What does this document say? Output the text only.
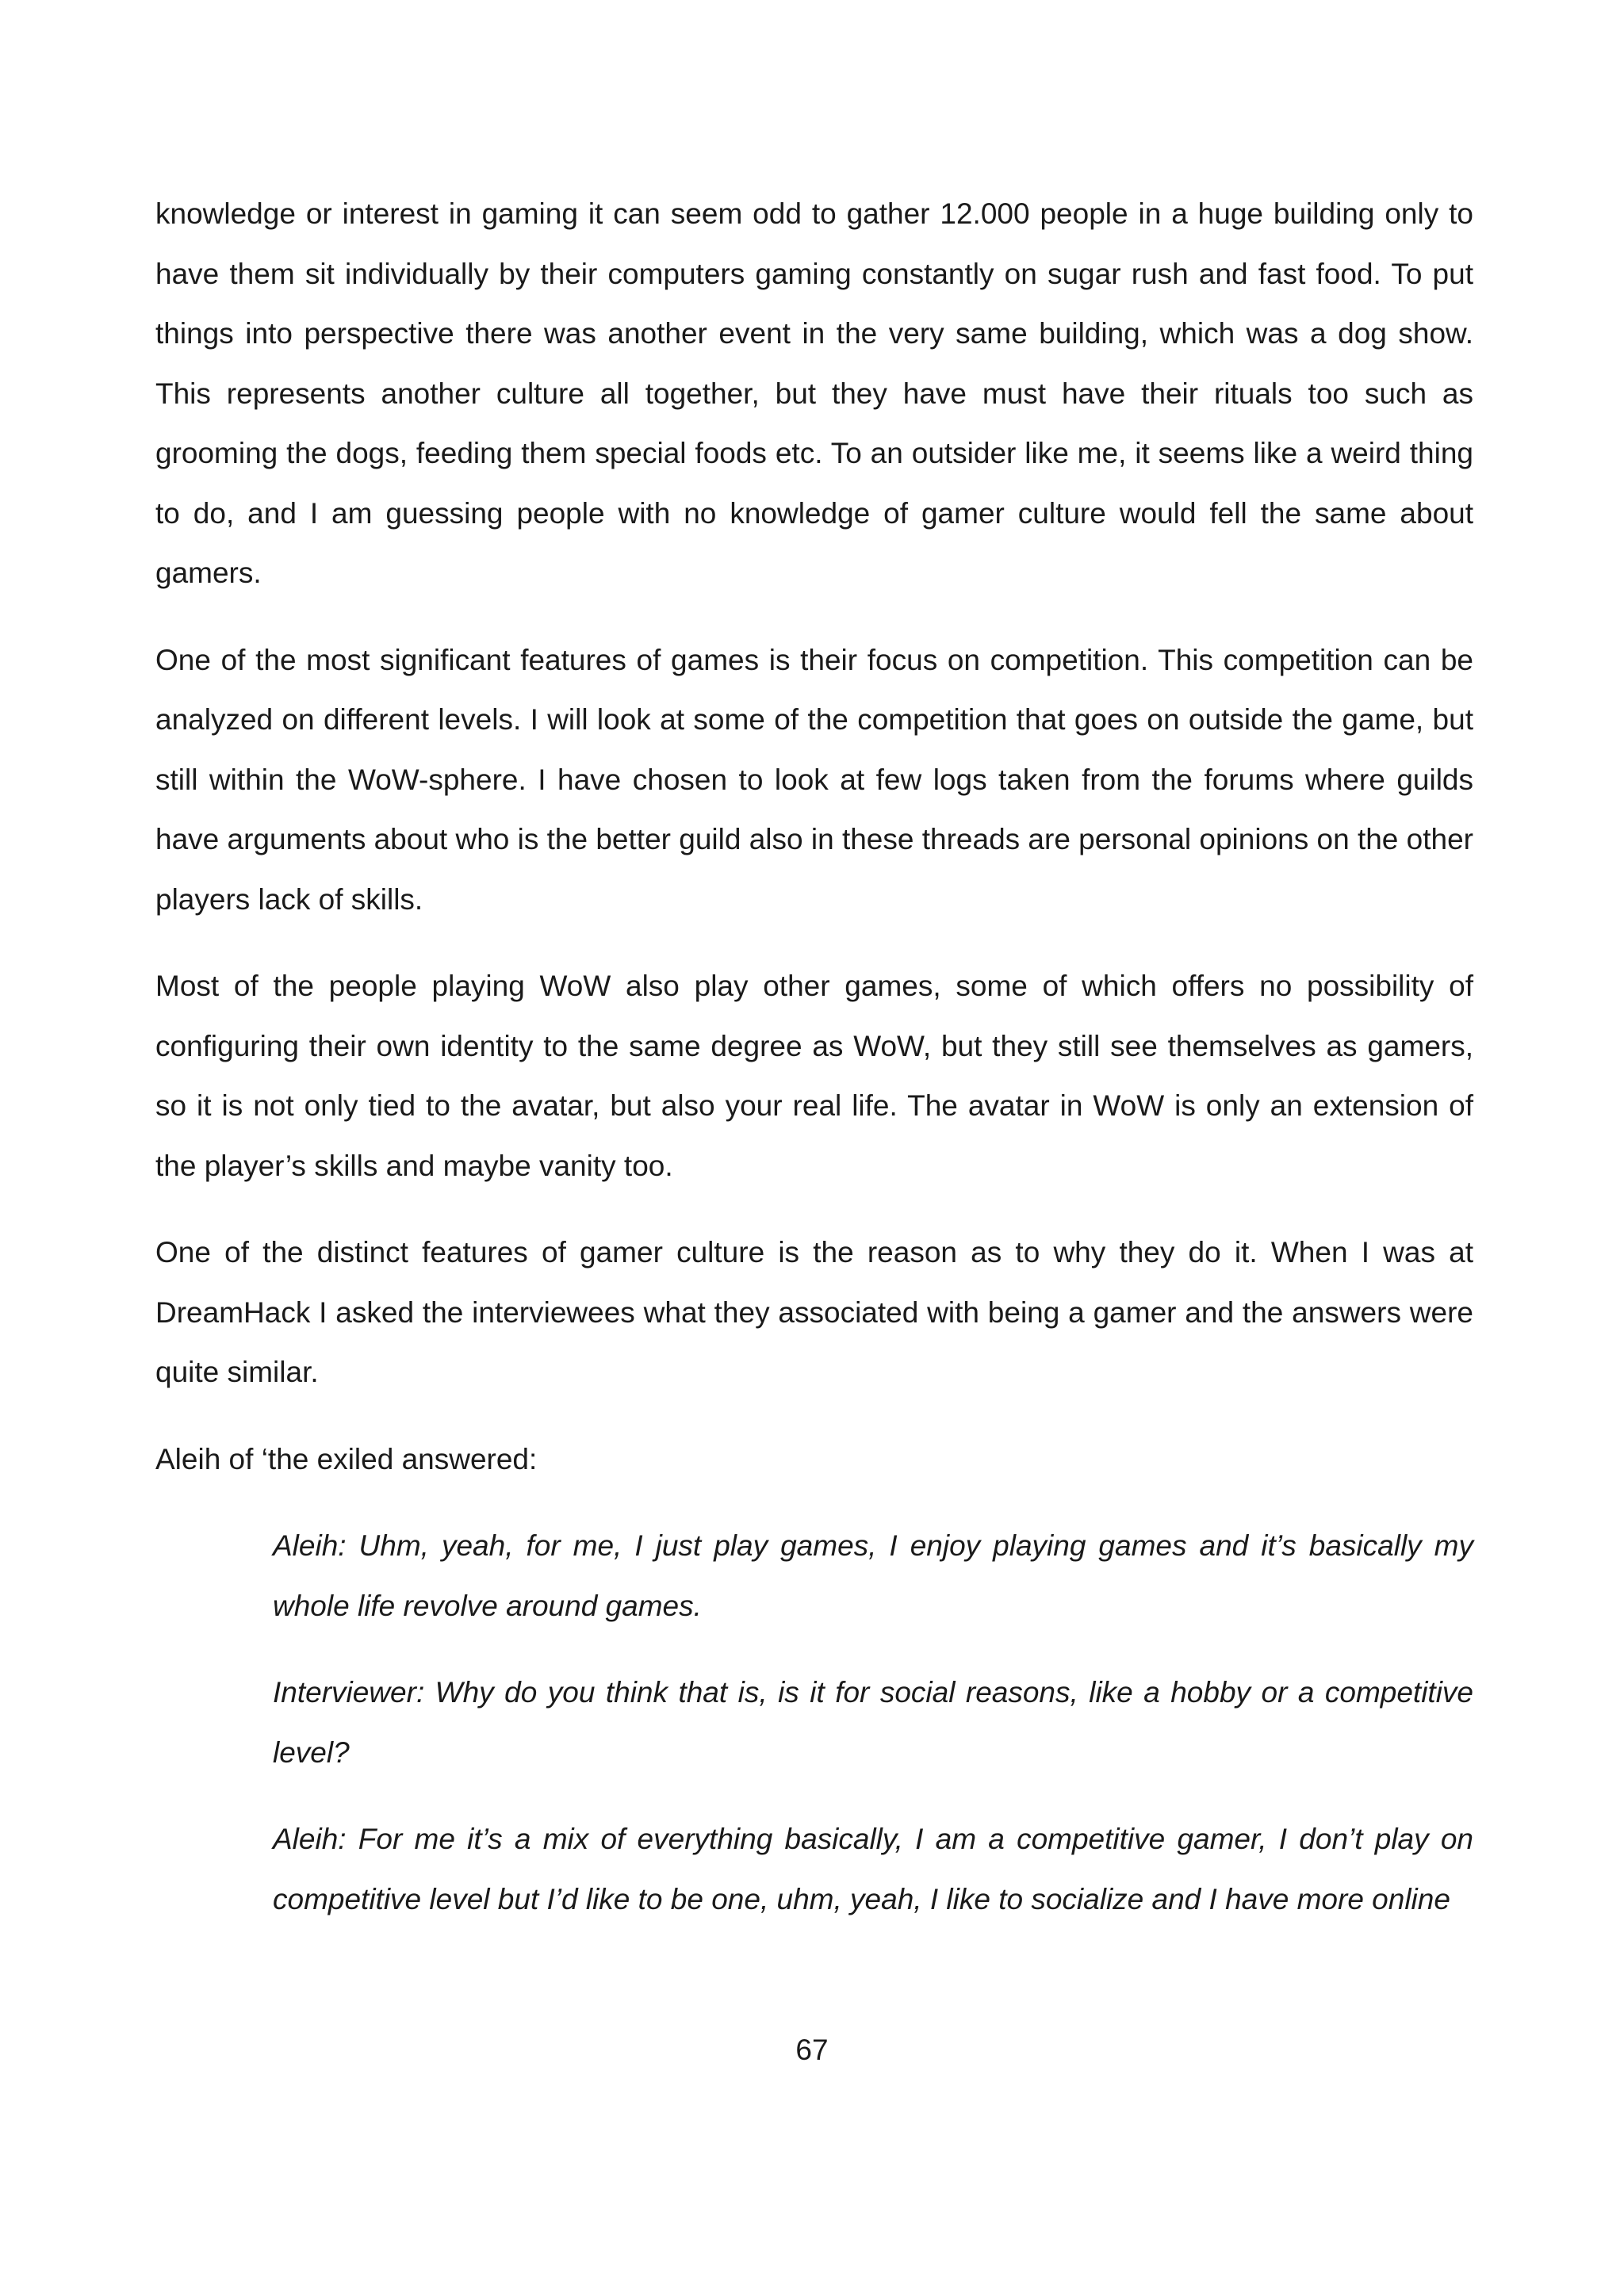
knowledge or interest in gaming it can seem odd to gather 12.000 people in a huge building only to have them sit individually by their computers gaming constantly on sugar rush and fast food. To put things into perspective there was another event in the very same building, which was a dog show. This represents another culture all together, but they have must have their rituals too such as grooming the dogs, feeding them special foods etc. To an outsider like me, it seems like a weird thing to do, and I am guessing people with no knowledge of gamer culture would fell the same about gamers.

One of the most significant features of games is their focus on competition. This competition can be analyzed on different levels. I will look at some of the competition that goes on outside the game, but still within the WoW-sphere. I have chosen to look at few logs taken from the forums where guilds have arguments about who is the better guild also in these threads are personal opinions on the other players lack of skills.

Most of the people playing WoW also play other games, some of which offers no possibility of configuring their own identity to the same degree as WoW, but they still see themselves as gamers, so it is not only tied to the avatar, but also your real life. The avatar in WoW is only an extension of the player’s skills and maybe vanity too.

One of the distinct features of gamer culture is the reason as to why they do it. When I was at DreamHack I asked the interviewees what they associated with being a gamer and the answers were quite similar.

Aleih of ‘the exiled answered:

Aleih: Uhm, yeah, for me, I just play games, I enjoy playing games and it’s basically my whole life revolve around games.

Interviewer: Why do you think that is, is it for social reasons, like a hobby or a competitive level?

Aleih: For me it’s a mix of everything basically, I am a competitive gamer, I don’t play on competitive level but I’d like to be one, uhm, yeah, I like to socialize and I have more online

67
